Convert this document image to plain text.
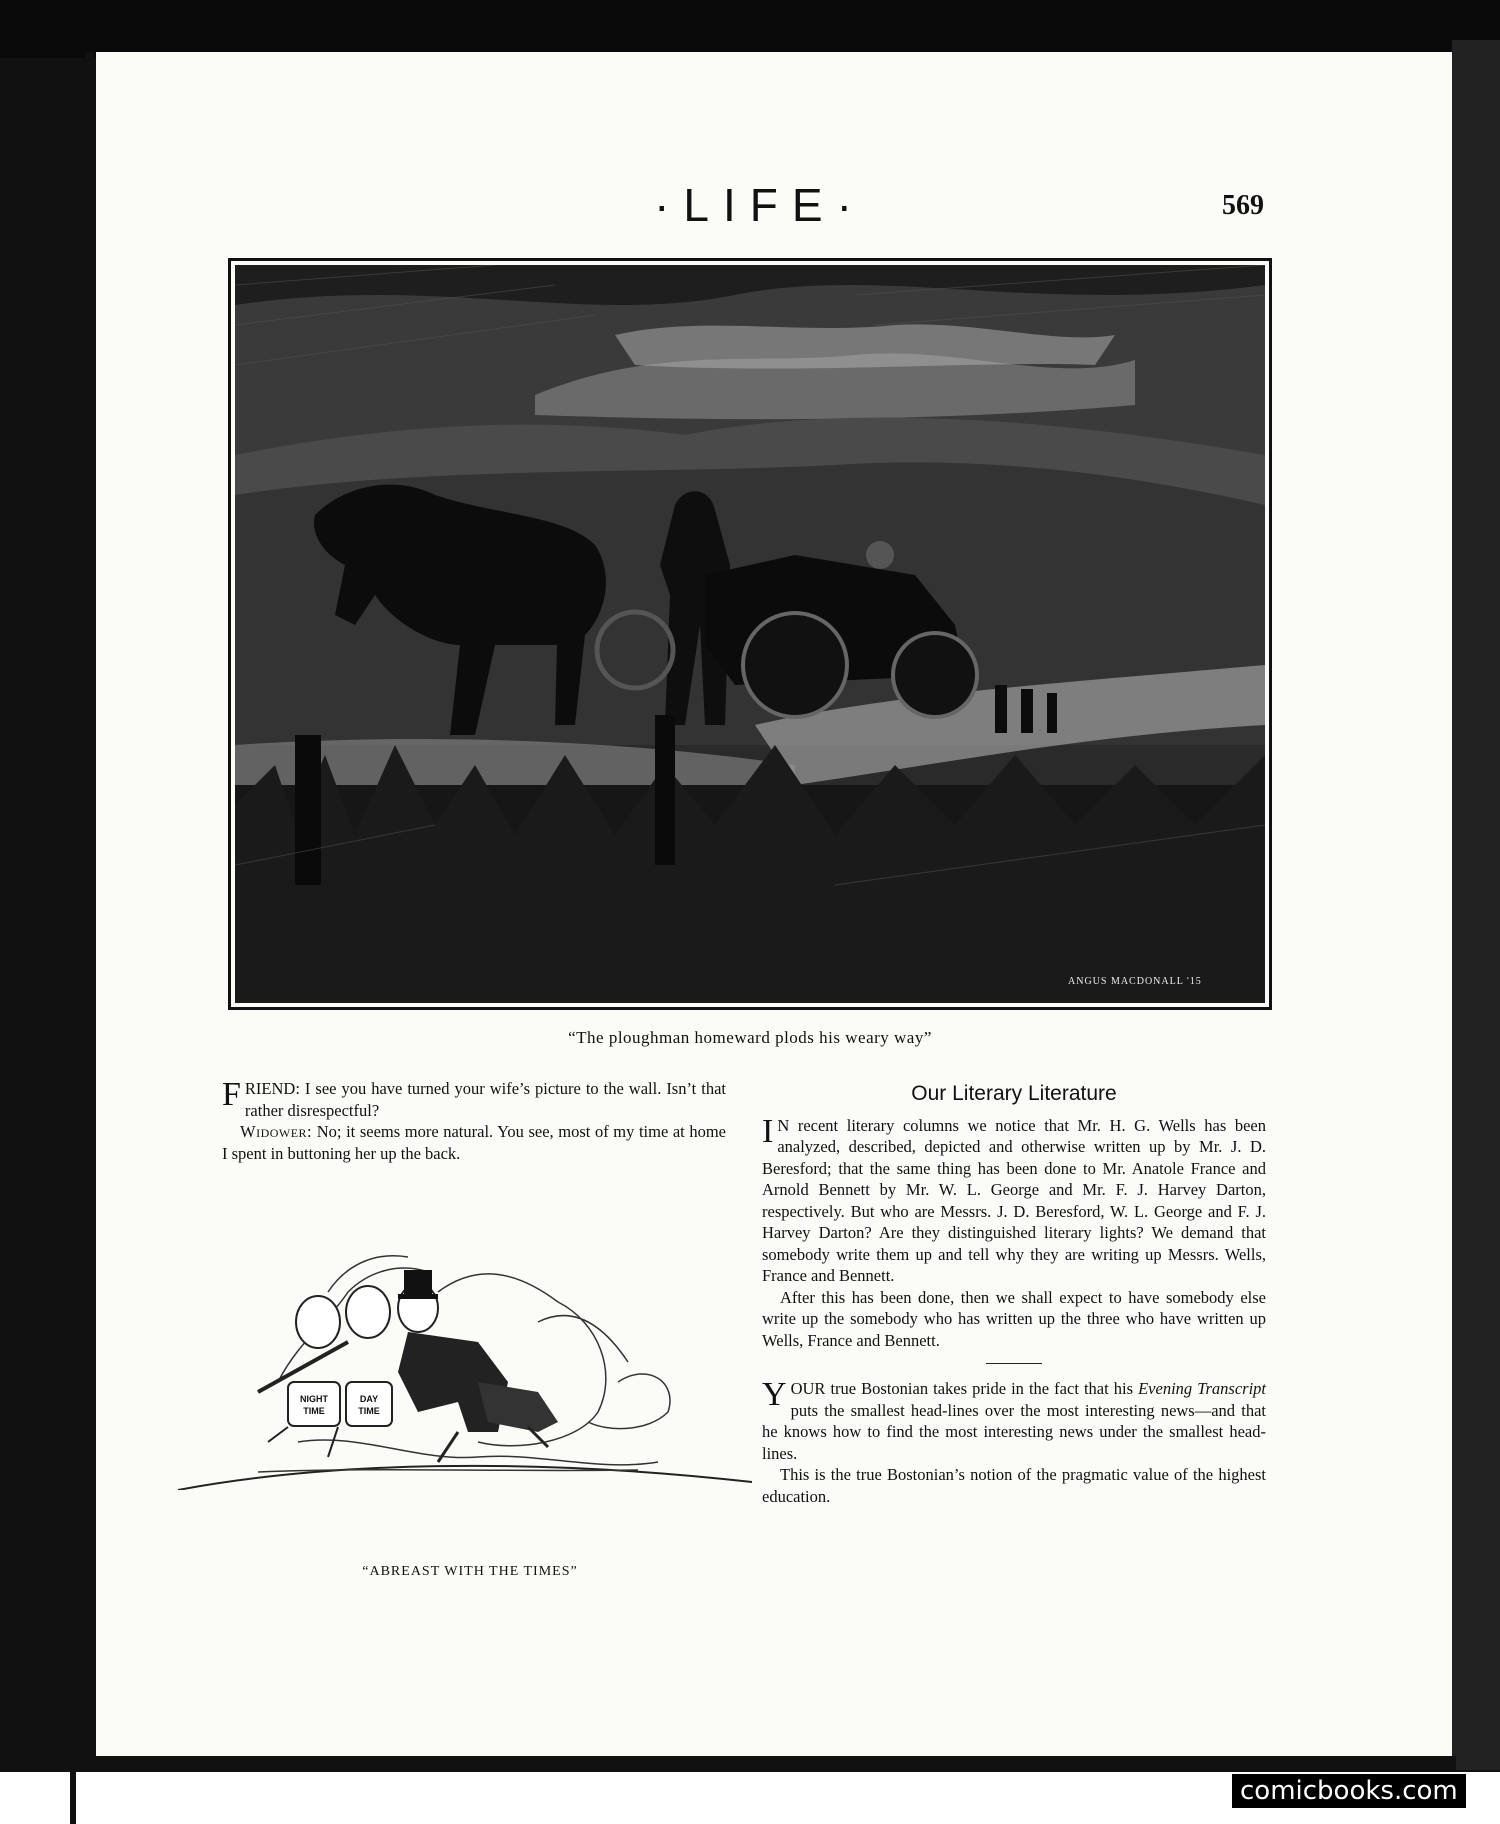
·LIFE·	569
ANGUS MACDONALL '15
“The ploughman homeward plods his weary way”

FRIEND: I see you have turned your wife’s picture to the wall. Isn’t that rather disrespectful?

Widower: No; it seems more natural. You see, most of my time at home I spent in buttoning her up the back.

NIGHT
TIME
DAY
TIME
“ABREAST WITH THE TIMES”
Our Literary Literature

I N recent literary columns we notice that Mr. H. G. Wells has been analyzed, described, depicted and otherwise written up by Mr. J. D. Beresford; that the same thing has been done to Mr. Anatole France and Arnold Bennett by Mr. W. L. George and Mr. F. J. Harvey Darton, respectively. But who are Messrs. J. D. Beresford, W. L. George and F. J. Harvey Darton? Are they distinguished literary lights? We demand that somebody write them up and tell why they are writing up Messrs. Wells, France and Bennett.

After this has been done, then we shall expect to have somebody else write up the somebody who has written up the three who have written up Wells, France and Bennett.

YOUR true Bostonian takes pride in the fact that his Evening Transcript puts the smallest head-lines over the most interesting news—and that he knows how to find the most interesting news under the smallest head-lines.

This is the true Bostonian’s notion of the pragmatic value of the highest education.

comicbooks.com
